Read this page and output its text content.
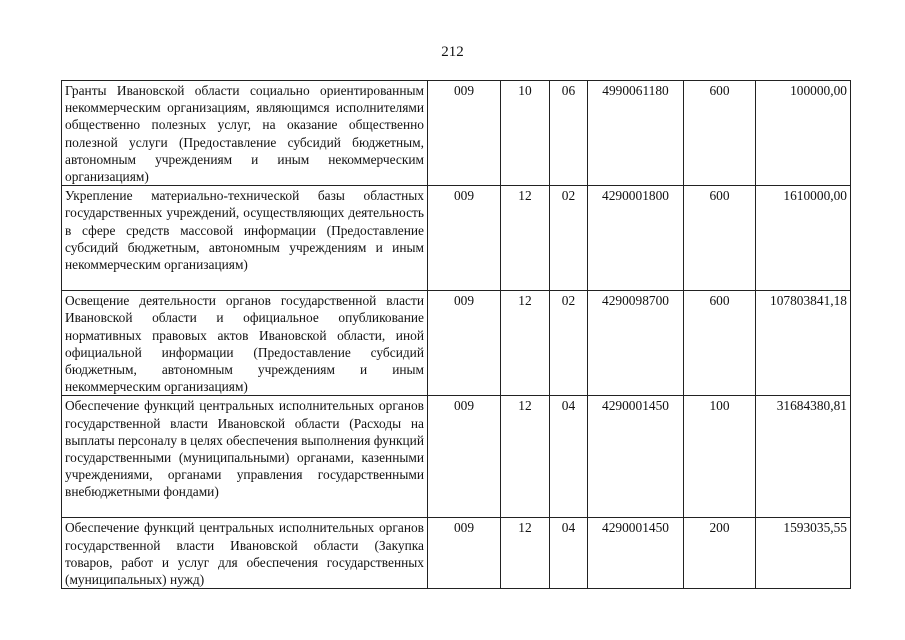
212
Гранты Ивановской области социально ориентированным некоммерческим организациям, являющимся исполнителями общественно полезных услуг, на оказание общественно полезной услуги (Предоставление субсидий бюджетным, автономным учреждениям и иным некоммерческим организациям)	009	10	06	4990061180	600	100000,00
Укрепление материально-технической базы областных государственных учреждений, осуществляющих деятельность в сфере средств массовой информации (Предоставление субсидий бюджетным, автономным учреждениям и иным некоммерческим организациям)	009	12	02	4290001800	600	1610000,00
Освещение деятельности органов государственной власти Ивановской области и официальное опубликование нормативных правовых актов Ивановской области, иной официальной информации (Предоставление субсидий бюджетным, автономным учреждениям и иным некоммерческим организациям)	009	12	02	4290098700	600	107803841,18
Обеспечение функций центральных исполнительных органов государственной власти Ивановской области (Расходы на выплаты персоналу в целях обеспечения выполнения функций государственными (муниципальными) органами, казенными учреждениями, органами управления государственными внебюджетными фондами)	009	12	04	4290001450	100	31684380,81
Обеспечение функций центральных исполнительных органов государственной власти Ивановской области (Закупка товаров, работ и услуг для обеспечения государственных (муниципальных) нужд)	009	12	04	4290001450	200	1593035,55
